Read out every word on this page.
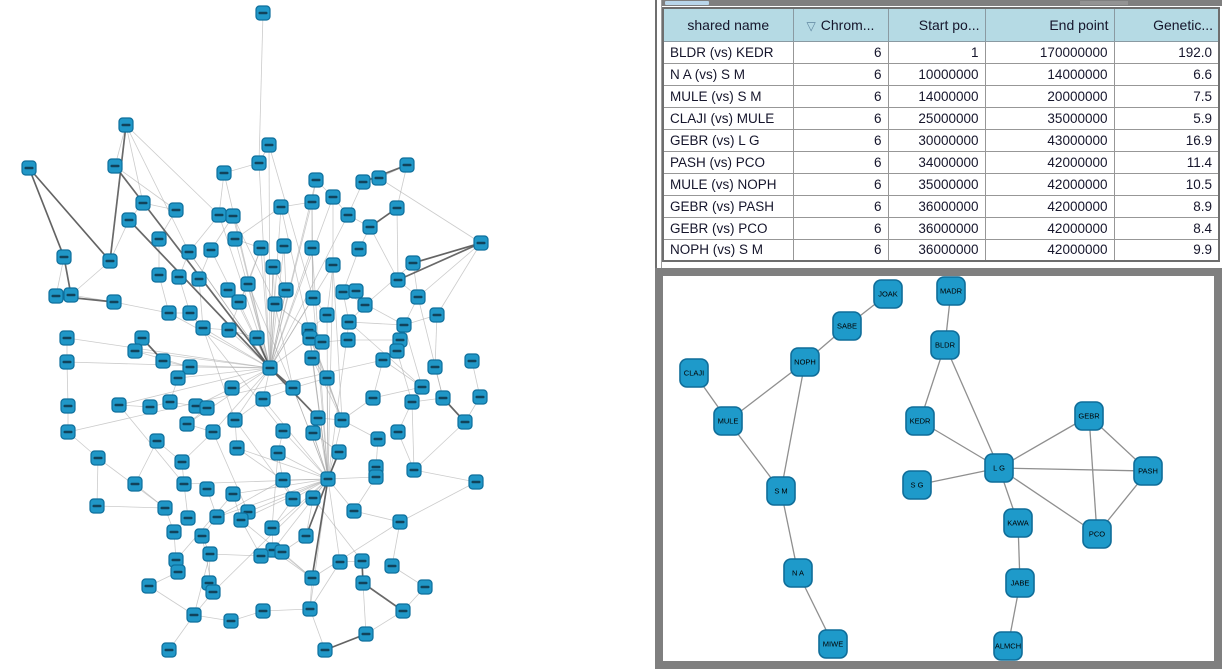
shared name	▽ Chrom...	Start po...	End point	Genetic...
BLDR (vs) KEDR	6	1	170000000	192.0
N A (vs) S M	6	10000000	14000000	6.6
MULE (vs) S M	6	14000000	20000000	7.5
CLAJI (vs) MULE	6	25000000	35000000	5.9
GEBR (vs) L G	6	30000000	43000000	16.9
PASH (vs) PCO	6	34000000	42000000	11.4
MULE (vs) NOPH	6	35000000	42000000	10.5
GEBR (vs) PASH	6	36000000	42000000	8.9
GEBR (vs) PCO	6	36000000	42000000	8.4
NOPH (vs) S M	6	36000000	42000000	9.9
JOAK	MADR
SABE
BLDR
NOPH
CLAJI
MULE	KEDR
GEBR
L G
S G
PASH
S M
KAWA
PCO
N A
JABE
MIWE	ALMCH
